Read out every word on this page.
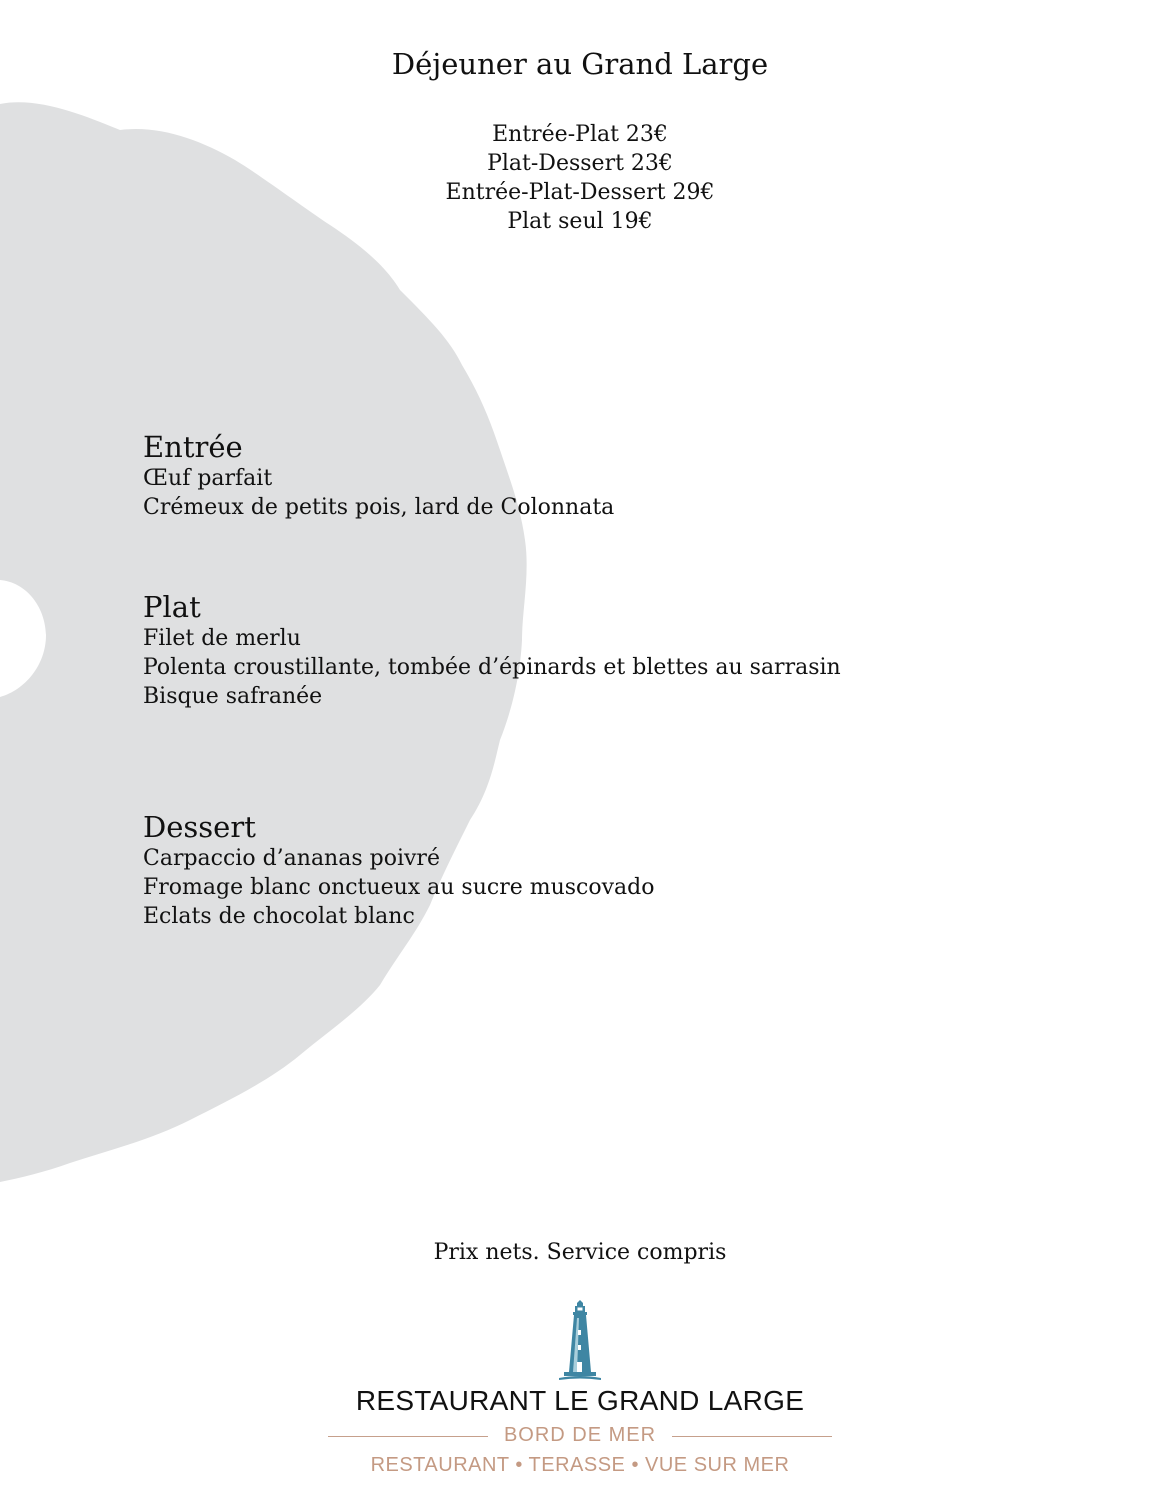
Déjeuner au Grand Large
Entrée-Plat 23€
Plat-Dessert 23€
Entrée-Plat-Dessert 29€
Plat seul 19€
Entrée
Œuf parfait
Crémeux de petits pois, lard de Colonnata
Plat
Filet de merlu
Polenta croustillante, tombée d’épinards et blettes au sarrasin
Bisque safranée
Dessert
Carpaccio d’ananas poivré
Fromage blanc onctueux au sucre muscovado
Eclats de chocolat blanc
Prix nets. Service compris
RESTAURANT LE GRAND LARGE
BORD DE MER
RESTAURANT • TERASSE • VUE SUR MER
